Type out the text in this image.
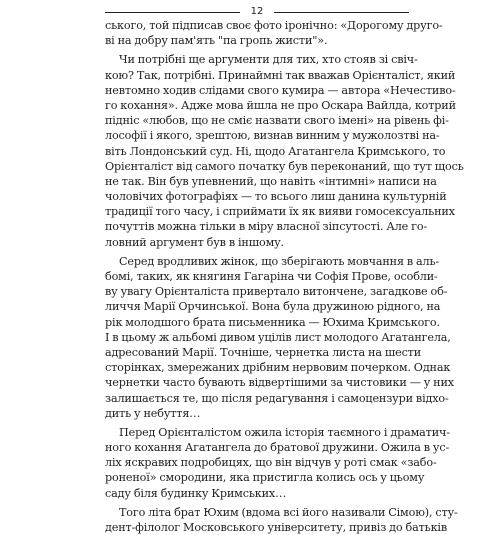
12
ського, той підписав своє фото іронічно: «Дорогому друго-
ві на добру пам'ять "па гропь жисти"».
Чи потрібні ще аргументи для тих, хто стояв зі свіч-
кою? Так, потрібні. Принаймні так вважав Орієнталіст, який
невтомно ходив слідами свого кумира — автора «Нечестиво-
го кохання». Адже мова йшла не про Оскара Вайлда, котрий
підніс «любов, що не сміє назвати свого імені» на рівень фі-
лософії і якого, зрештою, визнав винним у мужолозтві на-
віть Лондонський суд. Ні, щодо Агатангела Кримського, то
Орієнталіст від самого початку був переконаний, що тут щось
не так. Він був упевнений, що навіть «інтимні» написи на
чоловічих фотографіях — то всього лиш данина культурній
традиції того часу, і сприймати їх як вияви гомосексуальних
почуттів можна тільки в міру власної зіпсутості. Але го-
ловний аргумент був в іншому.
Серед вродливих жінок, що зберігають мовчання в аль-
бомі, таких, як княгиня Гагаріна чи Софія Прове, особли-
ву увагу Орієнталіста привертало витончене, загадкове об-
личчя Марії Орчинської. Вона була дружиною рідного, на
рік молодшого брата письменника — Юхима Кримського.
І в цьому ж альбомі дивом уцілів лист молодого Агатангела,
адресований Марії. Точніше, чернетка листа на шести
сторінках, змережаних дрібним нервовим почерком. Однак
чернетки часто бувають відвертішими за чистовики — у них
залишається те, що після редагування і самоцензури відхо-
дить у небуття…
Перед Орієнталістом ожила історія таємного і драматич-
ного кохання Агатангела до братової дружини. Ожила в ус-
ліх яскравих подробицях, що він відчув у роті смак «забо-
роненої» смородини, яка пристигла колись ось у цьому
саду біля будинку Кримських…
Того літа брат Юхим (вдома всі його називали Сімою), сту-
дент-філолог Московського університету, привіз до батьків
